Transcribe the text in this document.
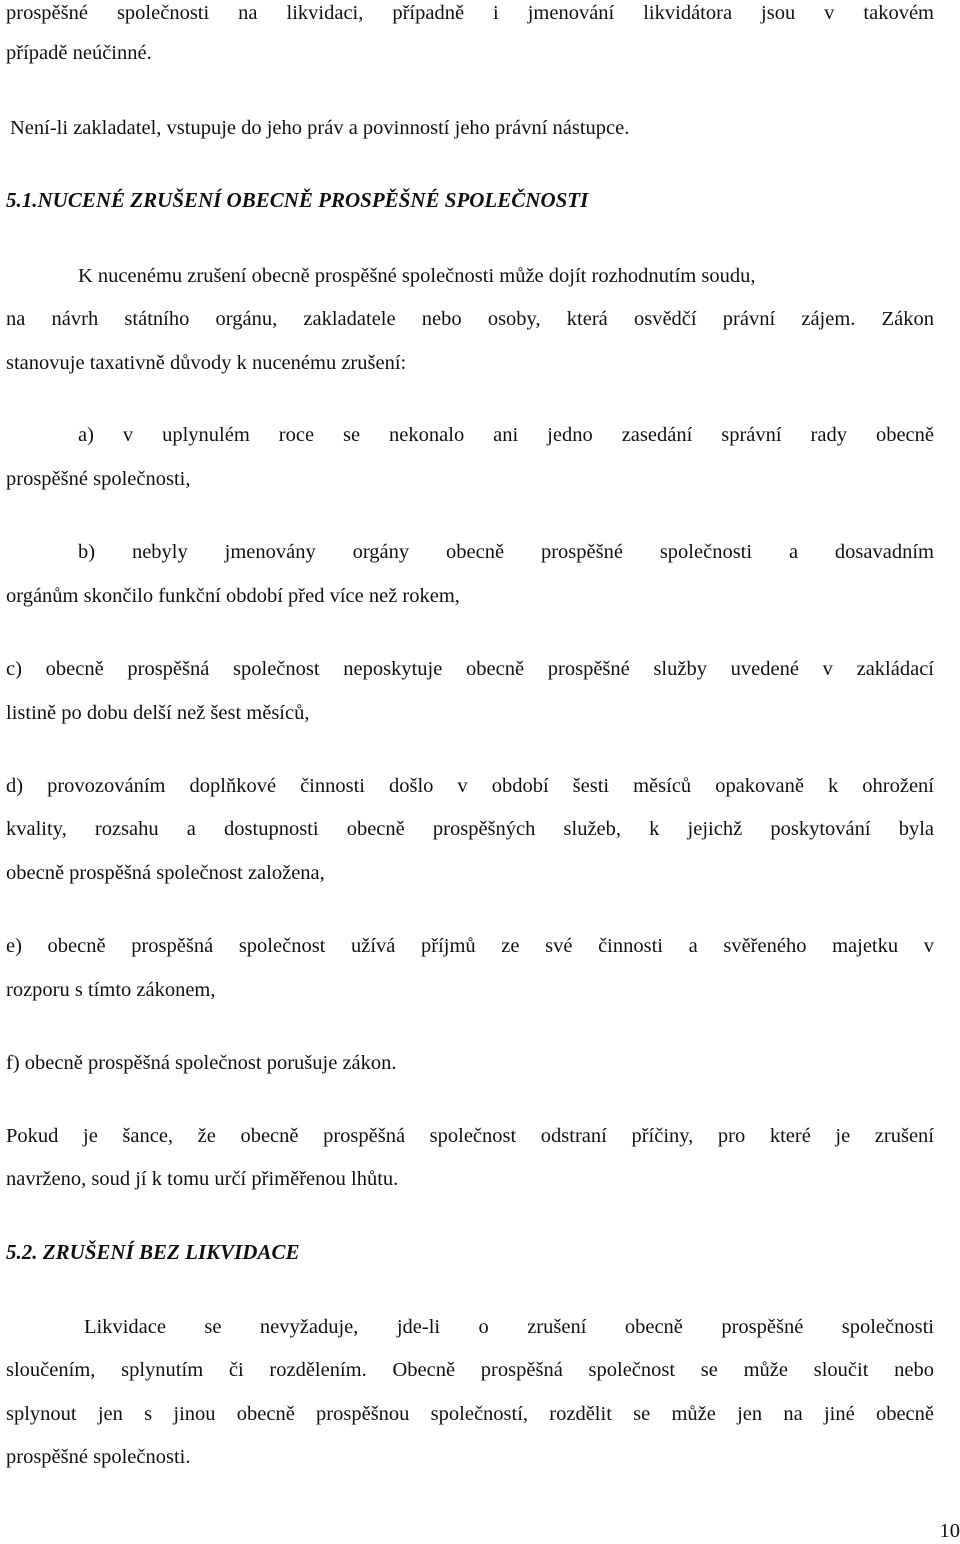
prospěšné společnosti na likvidaci, případně i jmenování likvidátora jsou v takovém
případě neúčinné.
Není-li zakladatel, vstupuje do jeho práv a povinností jeho právní nástupce.
5.1.NUCENÉ ZRUŠENÍ OBECNĚ PROSPĚŠNÉ SPOLEČNOSTI
K nucenému zrušení obecně prospěšné společnosti může dojít rozhodnutím soudu,
na návrh státního orgánu, zakladatele nebo osoby, která osvědčí právní zájem. Zákon
stanovuje taxativně důvody k nucenému zrušení:
a) v uplynulém roce se nekonalo ani jedno zasedání správní rady obecně
prospěšné společnosti,
b) nebyly jmenovány orgány obecně prospěšné společnosti a dosavadním
orgánům skončilo funkční období před více než rokem,
c) obecně prospěšná společnost neposkytuje obecně prospěšné služby uvedené v zakládací
listině po dobu delší než šest měsíců,
d) provozováním doplňkové činnosti došlo v období šesti měsíců opakovaně k ohrožení
kvality, rozsahu a dostupnosti obecně prospěšných služeb, k jejichž poskytování byla
obecně prospěšná společnost založena,
e) obecně prospěšná společnost užívá příjmů ze své činnosti a svěřeného majetku v
rozporu s tímto zákonem,
f) obecně prospěšná společnost porušuje zákon.
Pokud je šance, že obecně prospěšná společnost odstraní příčiny, pro které je zrušení
navrženo, soud jí k tomu určí přiměřenou lhůtu.
5.2. ZRUŠENÍ BEZ LIKVIDACE
Likvidace se nevyžaduje, jde-li o zrušení obecně prospěšné společnosti
sloučením, splynutím či rozdělením. Obecně prospěšná společnost se může sloučit nebo
splynout jen s jinou obecně prospěšnou společností, rozdělit se může jen na jiné obecně
prospěšné společnosti.
10
